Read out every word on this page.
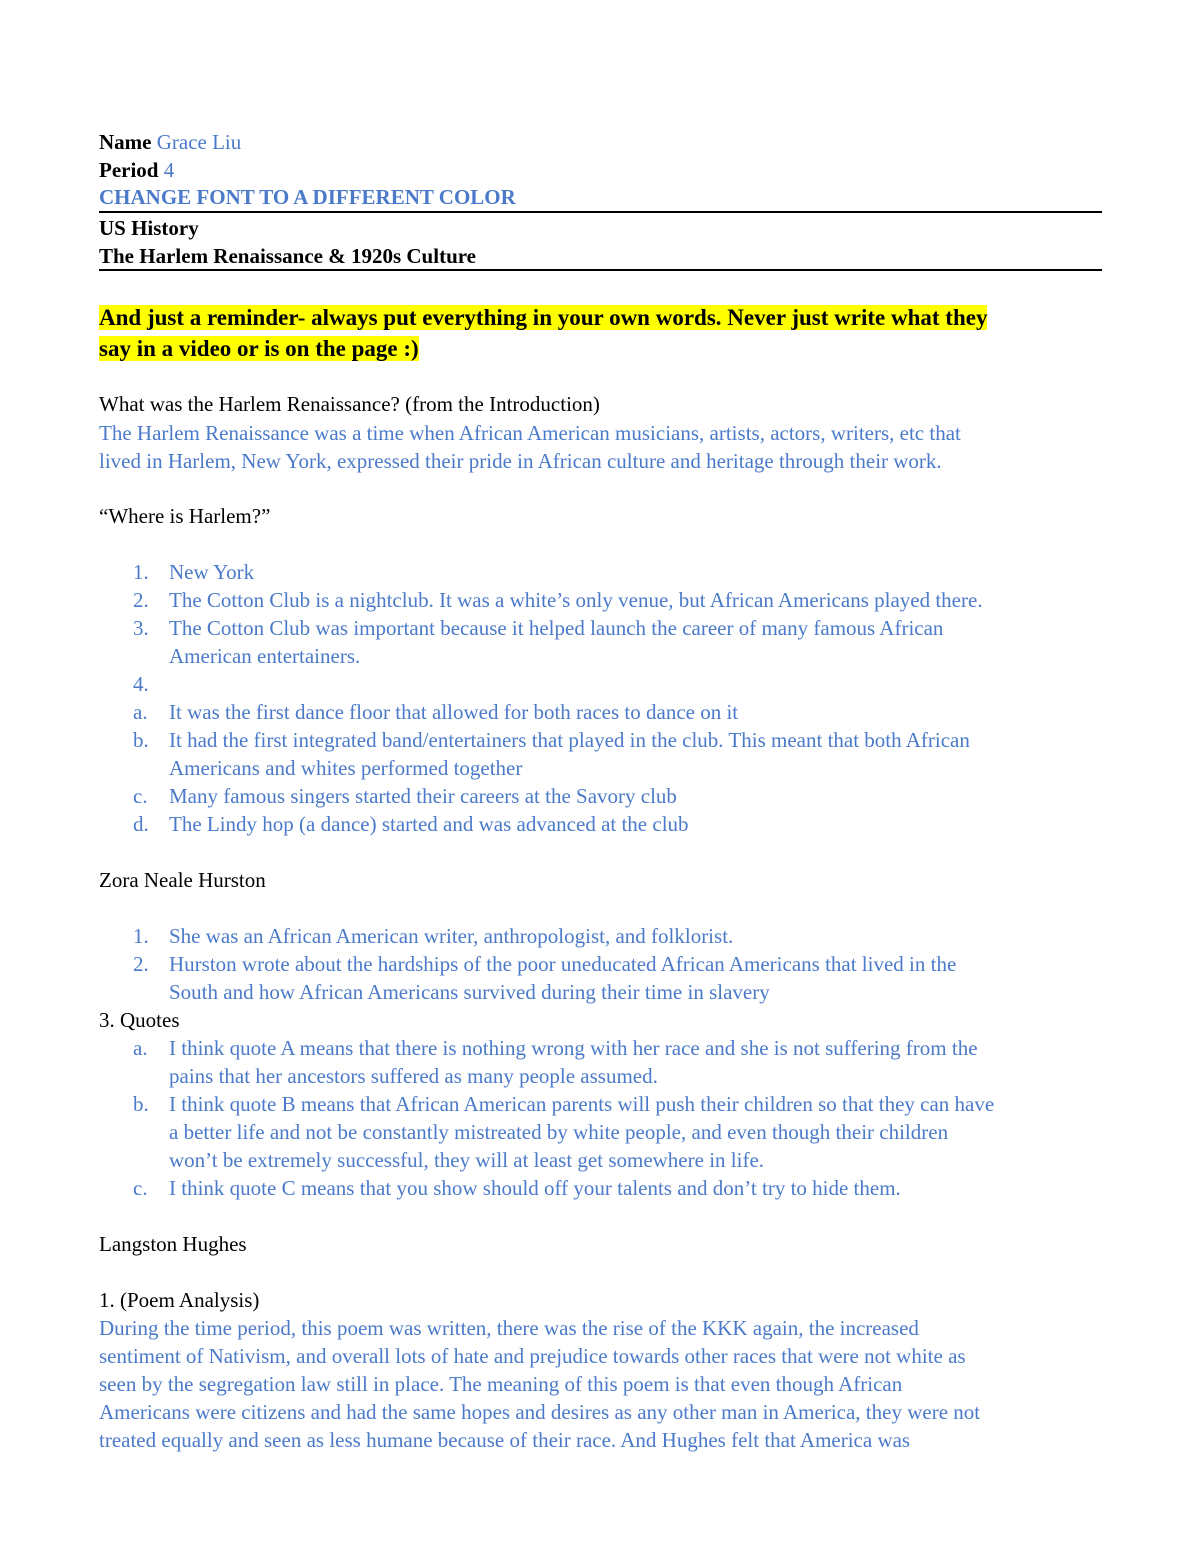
Name Grace Liu
Period 4
CHANGE FONT TO A DIFFERENT COLOR
US History
The Harlem Renaissance & 1920s Culture
And just a reminder- always put everything in your own words. Never just write what they
say in a video or is on the page :)
What was the Harlem Renaissance? (from the Introduction)
The Harlem Renaissance was a time when African American musicians, artists, actors, writers, etc that
lived in Harlem, New York, expressed their pride in African culture and heritage through their work.
“Where is Harlem?”
1. New York
2. The Cotton Club is a nightclub. It was a white’s only venue, but African Americans played there.
3. The Cotton Club was important because it helped launch the career of many famous African
American entertainers.
4.
a.	It was the first dance floor that allowed for both races to dance on it
b. It had the first integrated band/entertainers that played in the club. This meant that both African
Americans and whites performed together
c.	Many famous singers started their careers at the Savory club
d. The Lindy hop (a dance) started and was advanced at the club
Zora Neale Hurston
1. She was an African American writer, anthropologist, and folklorist.
2. Hurston wrote about the hardships of the poor uneducated African Americans that lived in the
South and how African Americans survived during their time in slavery
3. Quotes
a.	I think quote A means that there is nothing wrong with her race and she is not suffering from the
pains that her ancestors suffered as many people assumed.
b. I think quote B means that African American parents will push their children so that they can have
a better life and not be constantly mistreated by white people, and even though their children
won’t be extremely successful, they will at least get somewhere in life.
c.	I think quote C means that you show should off your talents and don’t try to hide them.
Langston Hughes
1. (Poem Analysis)
During the time period, this poem was written, there was the rise of the KKK again, the increased
sentiment of Nativism, and overall lots of hate and prejudice towards other races that were not white as
seen by the segregation law still in place. The meaning of this poem is that even though African
Americans were citizens and had the same hopes and desires as any other man in America, they were not
treated equally and seen as less humane because of their race. And Hughes felt that America was
